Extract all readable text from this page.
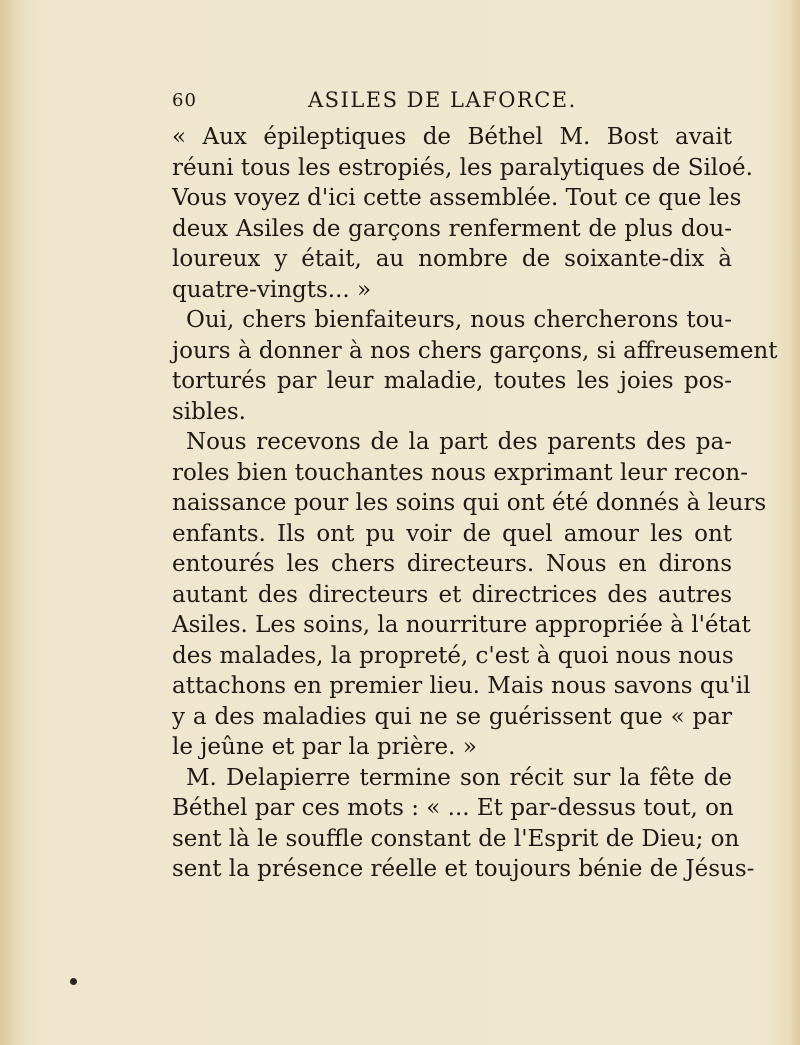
60	ASILES DE LAFORCE.
« Aux épileptiques de Béthel M. Bost avait
réuni tous les estropiés, les paralytiques de Siloé.
Vous voyez d'ici cette assemblée. Tout ce que les
deux Asiles de garçons renferment de plus dou-
loureux y était, au nombre de soixante-dix à
quatre-vingts... »
Oui, chers bienfaiteurs, nous chercherons tou-
jours à donner à nos chers garçons, si affreusement
torturés par leur maladie, toutes les joies pos-
sibles.
Nous recevons de la part des parents des pa-
roles bien touchantes nous exprimant leur recon-
naissance pour les soins qui ont été donnés à leurs
enfants. Ils ont pu voir de quel amour les ont
entourés les chers directeurs. Nous en dirons
autant des directeurs et directrices des autres
Asiles. Les soins, la nourriture appropriée à l'état
des malades, la propreté, c'est à quoi nous nous
attachons en premier lieu. Mais nous savons qu'il
y a des maladies qui ne se guérissent que « par
le jeûne et par la prière. »
M. Delapierre termine son récit sur la fête de
Béthel par ces mots : « ... Et par-dessus tout, on
sent là le souffle constant de l'Esprit de Dieu; on
sent la présence réelle et toujours bénie de Jésus-
